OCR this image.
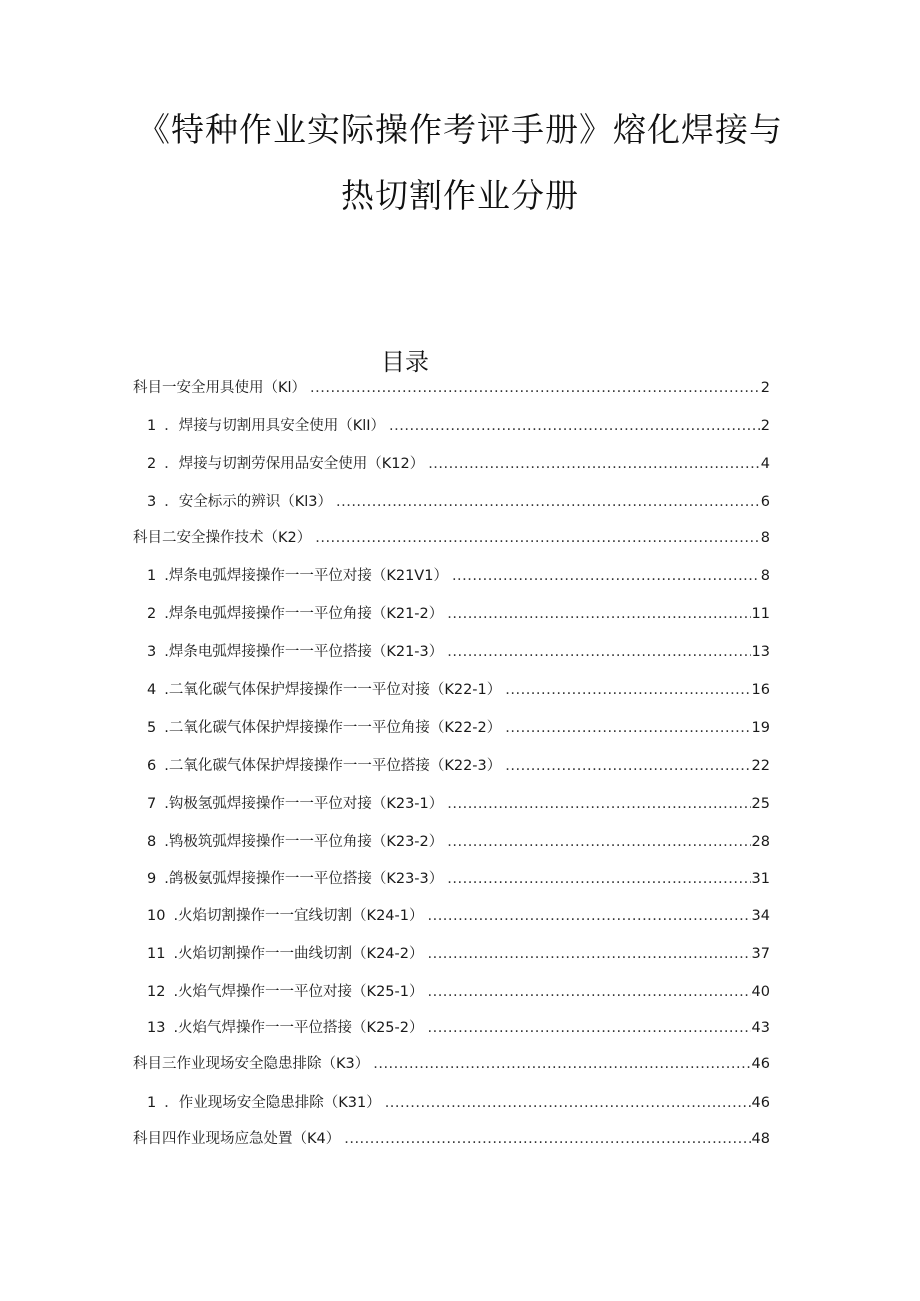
《特种作业实际操作考评手册》熔化焊接与
热切割作业分册
目录
科目一安全用具使用（Kl） .....	2
1 ．焊接与切割用具安全使用（KlI） .....	2
2 ．焊接与切割劳保用品安全使用（K12） .....	4
3 ．安全标示的辨识（Kl3） .....	6
科目二安全操作技术（K2） .....	8
1 .焊条电弧焊接操作一一平位对接（K21V1） .....	8
2 .焊条电弧焊接操作一一平位角接（K21-2） .....	11
3 .焊条电弧焊接操作一一平位搭接（K21-3） .....	13
4 .二氧化碳气体保护焊接操作一一平位对接（K22-1） .....	16
5 .二氧化碳气体保护焊接操作一一平位角接（K22-2） .....	19
6 .二氧化碳气体保护焊接操作一一平位搭接（K22-3） .....	22
7 .钩极氢弧焊接操作一一平位对接（K23-1） .....	25
8 .鸨极筑弧焊接操作一一平位角接（K23-2） .....	28
9 .鸽极氨弧焊接操作一一平位搭接（K23-3） .....	31
10 .火焰切割操作一一宜线切割（K24-1） .....	34
11 .火焰切割操作一一曲线切割（K24-2） .....	37
12 .火焰气焊操作一一平位对接（K25-1） .....	40
13 .火焰气焊操作一一平位搭接（K25-2） .....	43
科目三作业现场安全隐患排除（K3） .....	46
1 ．作业现场安全隐患排除（K31） .....	46
科目四作业现场应急处置（K4） .....	48
